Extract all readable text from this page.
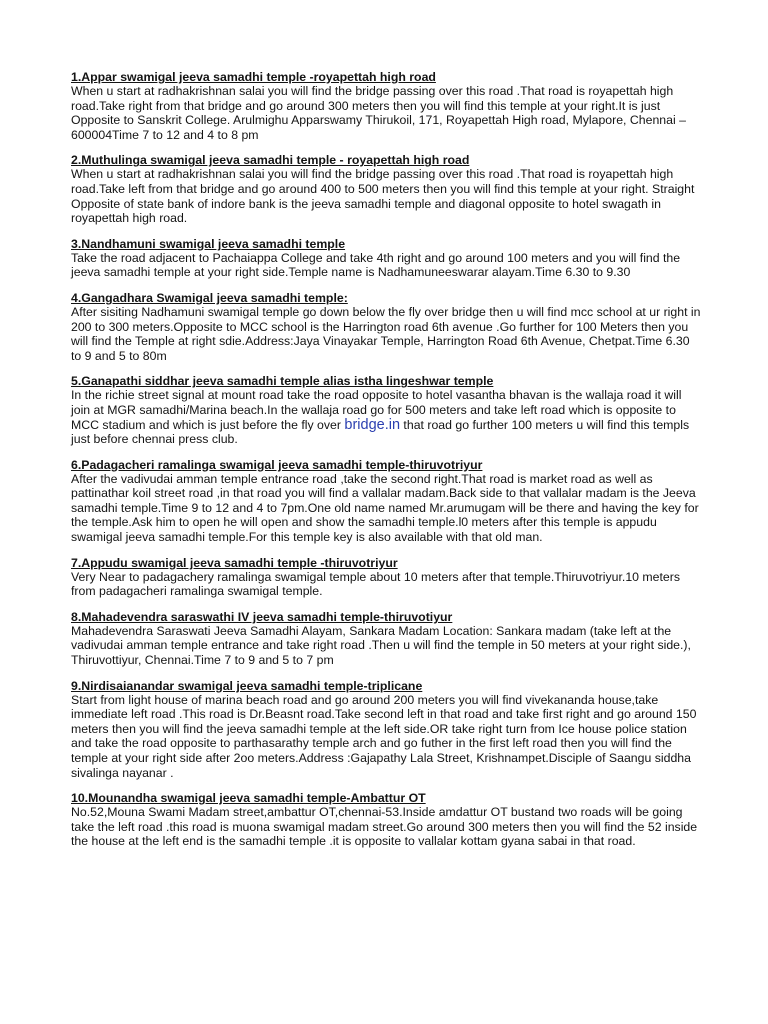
1.Appar swamigal jeeva samadhi temple -royapettah high road

When u start at radhakrishnan salai you will find the bridge passing over this road .That road is royapettah high road.Take right from that bridge and go around 300 meters then you will find this temple at your right.It is just Opposite to Sanskrit College. Arulmighu Apparswamy Thirukoil, 171, Royapettah High road, Mylapore, Chennai – 600004Time 7 to 12 and 4 to 8 pm

2.Muthulinga swamigal jeeva samadhi temple - royapettah high road

When u start at radhakrishnan salai you will find the bridge passing over this road .That road is royapettah high road.Take left from that bridge and go around 400 to 500 meters then you will find this temple at your right. Straight Opposite of state bank of indore bank is the jeeva samadhi temple and diagonal opposite to hotel swagath in royapettah high road.

3.Nandhamuni swamigal jeeva samadhi temple

Take the road adjacent to Pachaiappa College and take 4th right and go around 100 meters and you will find the jeeva samadhi temple at your right side.Temple name is Nadhamuneeswarar alayam.Time 6.30 to 9.30

4.Gangadhara Swamigal jeeva samadhi temple:

After sisiting Nadhamuni swamigal temple go down below the fly over bridge then u will find mcc school at ur right in 200 to 300 meters.Opposite to MCC school is the Harrington road 6th avenue .Go further for 100 Meters then you will find the Temple at right sdie.Address:Jaya Vinayakar Temple, Harrington Road 6th Avenue, Chetpat.Time 6.30 to 9 and 5 to 80m

5.Ganapathi siddhar jeeva samadhi temple alias istha lingeshwar temple

In the richie street signal at mount road take the road opposite to hotel vasantha bhavan is the wallaja road it will join at MGR samadhi/Marina beach.In the wallaja road go for 500 meters and take left road which is opposite to MCC stadium and which is just before the fly over bridge.in that road go further 100 meters u will find this templs just before chennai press club.

6.Padagacheri ramalinga swamigal jeeva samadhi temple-thiruvotriyur

After the vadivudai amman temple entrance road ,take the second right.That road is market road as well as pattinathar koil street road ,in that road you will find a vallalar madam.Back side to that vallalar madam is the Jeeva samadhi temple.Time 9 to 12 and 4 to 7pm.One old name named Mr.arumugam will be there and having the key for the temple.Ask him to open he will open and show the samadhi temple.l0 meters after this temple is appudu swamigal jeeva samadhi temple.For this temple key is also available with that old man.

7.Appudu swamigal jeeva samadhi temple -thiruvotriyur

Very Near to padagachery ramalinga swamigal temple about 10 meters after that temple.Thiruvotriyur.10 meters from padagacheri ramalinga swamigal temple.

8.Mahadevendra saraswathi IV jeeva samadhi temple-thiruvotiyur

Mahadevendra Saraswati Jeeva Samadhi Alayam, Sankara Madam Location: Sankara madam (take left at the vadivudai amman temple entrance and take right road .Then u will find the temple in 50 meters at your right side.), Thiruvottiyur, Chennai.Time 7 to 9 and 5 to 7 pm

9.Nirdisaianandar swamigal jeeva samadhi temple-triplicane

Start from light house of marina beach road and go around 200 meters you will find vivekananda house,take immediate left road .This road is Dr.Beasnt road.Take second left in that road and take first right and go around 150 meters then you will find the jeeva samadhi temple at the left side.OR take right turn from Ice house police station and take the road opposite to parthasarathy temple arch and go futher in the first left road then you will find the temple at your right side after 2oo meters.Address :Gajapathy Lala Street, Krishnampet.Disciple of Saangu siddha sivalinga nayanar .

10.Mounandha swamigal jeeva samadhi temple-Ambattur OT

No.52,Mouna Swami Madam street,ambattur OT,chennai-53.Inside amdattur OT bustand two roads will be going take the left road .this road is muona swamigal madam street.Go around 300 meters then you will find the 52 inside the house at the left end is the samadhi temple .it is opposite to vallalar kottam gyana sabai in that road.
